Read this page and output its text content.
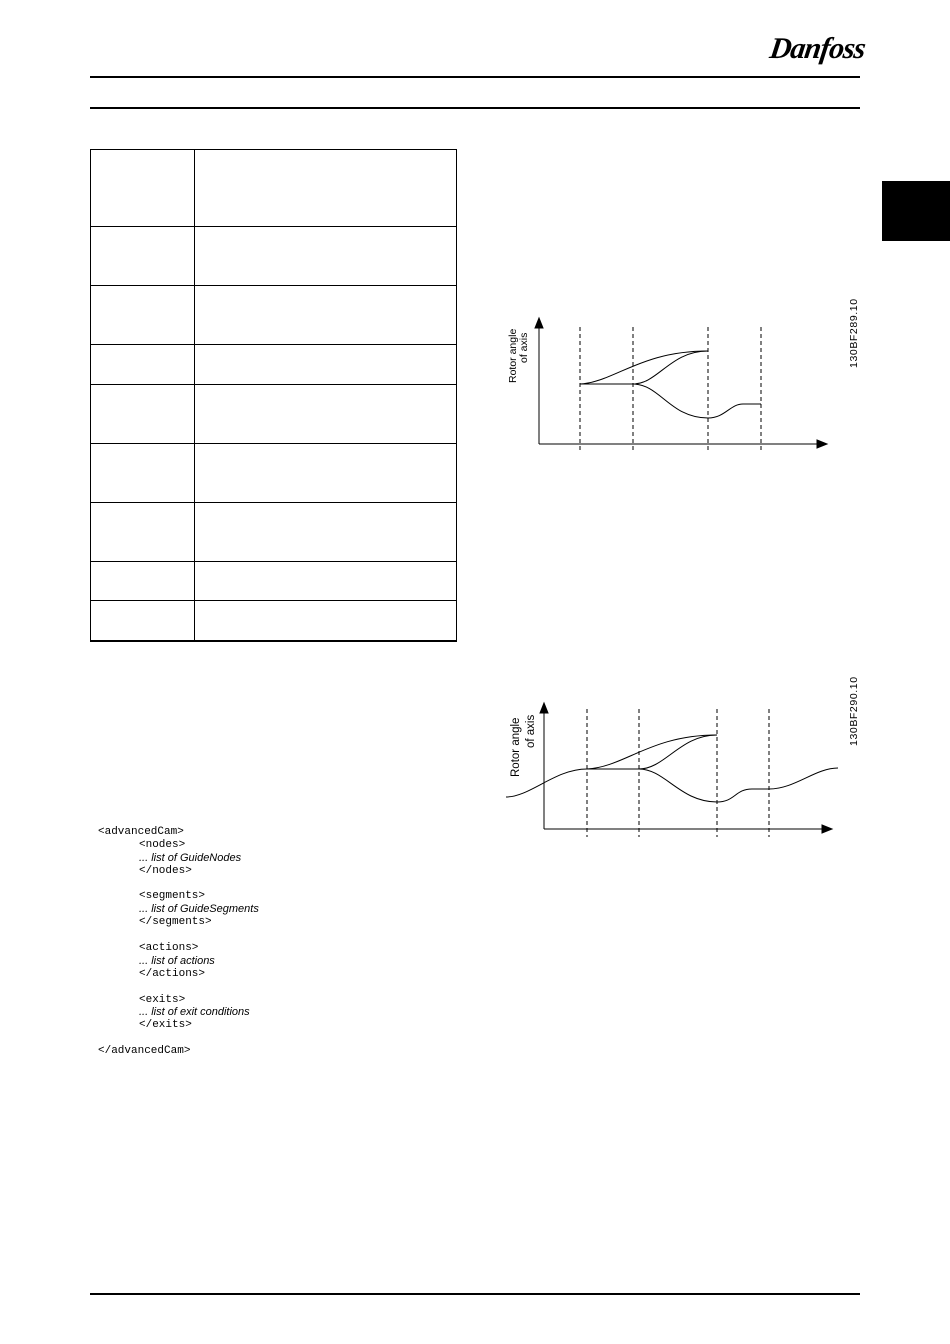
Danfoss

<advancedCam>
<nodes>
... list of GuideNodes
</nodes>
<segments>
... list of GuideSegments
</segments>
<actions>
... list of actions
</actions>
<exits>
... list of exit conditions
</exits>
</advancedCam>
Rotor angle of axis	130BF289.10
Rotor angle of axis	130BF290.10
